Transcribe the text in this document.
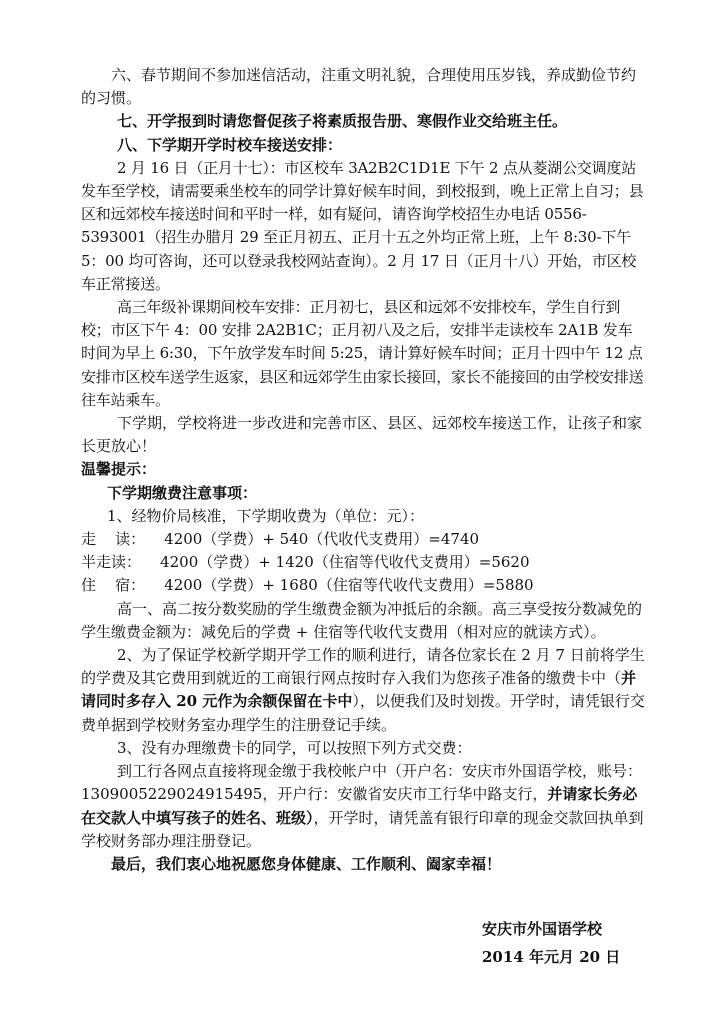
六、春节期间不参加迷信活动，注重文明礼貌，合理使用压岁钱，养成勤俭节约的习惯。

七、开学报到时请您督促孩子将素质报告册、寒假作业交给班主任。

八、下学期开学时校车接送安排：

2 月 16 日（正月十七）：市区校车 3A2B2C1D1E 下午 2 点从菱湖公交调度站发车至学校，请需要乘坐校车的同学计算好候车时间，到校报到，晚上正常上自习；县区和远郊校车接送时间和平时一样，如有疑问，请咨询学校招生办电话 0556-5393001（招生办腊月 29 至正月初五、正月十五之外均正常上班，上午 8:30-下午 5：00 均可咨询，还可以登录我校网站查询）。2 月 17 日（正月十八）开始，市区校车正常接送。

高三年级补课期间校车安排：正月初七，县区和远郊不安排校车，学生自行到校；市区下午 4：00 安排 2A2B1C；正月初八及之后，安排半走读校车 2A1B 发车时间为早上 6:30，下午放学发车时间 5:25，请计算好候车时间；正月十四中午 12 点安排市区校车送学生返家，县区和远郊学生由家长接回，家长不能接回的由学校安排送往车站乘车。

下学期，学校将进一步改进和完善市区、县区、远郊校车接送工作，让孩子和家长更放心！

温馨提示：

下学期缴费注意事项：

1、经物价局核准，下学期收费为（单位：元）：

走    读：    4200（学费）+ 540（代收代支费用）=4740

半走读：    4200（学费）+ 1420（住宿等代收代支费用）=5620

住    宿：    4200（学费）+ 1680（住宿等代收代支费用）=5880

高一、高二按分数奖励的学生缴费金额为冲抵后的余额。高三享受按分数减免的学生缴费金额为：减免后的学费 + 住宿等代收代支费用（相对应的就读方式）。

2、为了保证学校新学期开学工作的顺利进行，请各位家长在 2 月 7 日前将学生的学费及其它费用到就近的工商银行网点按时存入我们为您孩子准备的缴费卡中（并请同时多存入 20 元作为余额保留在卡中），以便我们及时划拨。开学时，请凭银行交费单据到学校财务室办理学生的注册登记手续。

3、没有办理缴费卡的同学，可以按照下列方式交费：

到工行各网点直接将现金缴于我校帐户中（开户名：安庆市外国语学校，账号：1309005229024915495，开户行：安徽省安庆市工行华中路支行，并请家长务必在交款人中填写孩子的姓名、班级），开学时，请凭盖有银行印章的现金交款回执单到学校财务部办理注册登记。

最后，我们衷心地祝愿您身体健康、工作顺利、阖家幸福！

安庆市外国语学校
2014 年元月 20 日
